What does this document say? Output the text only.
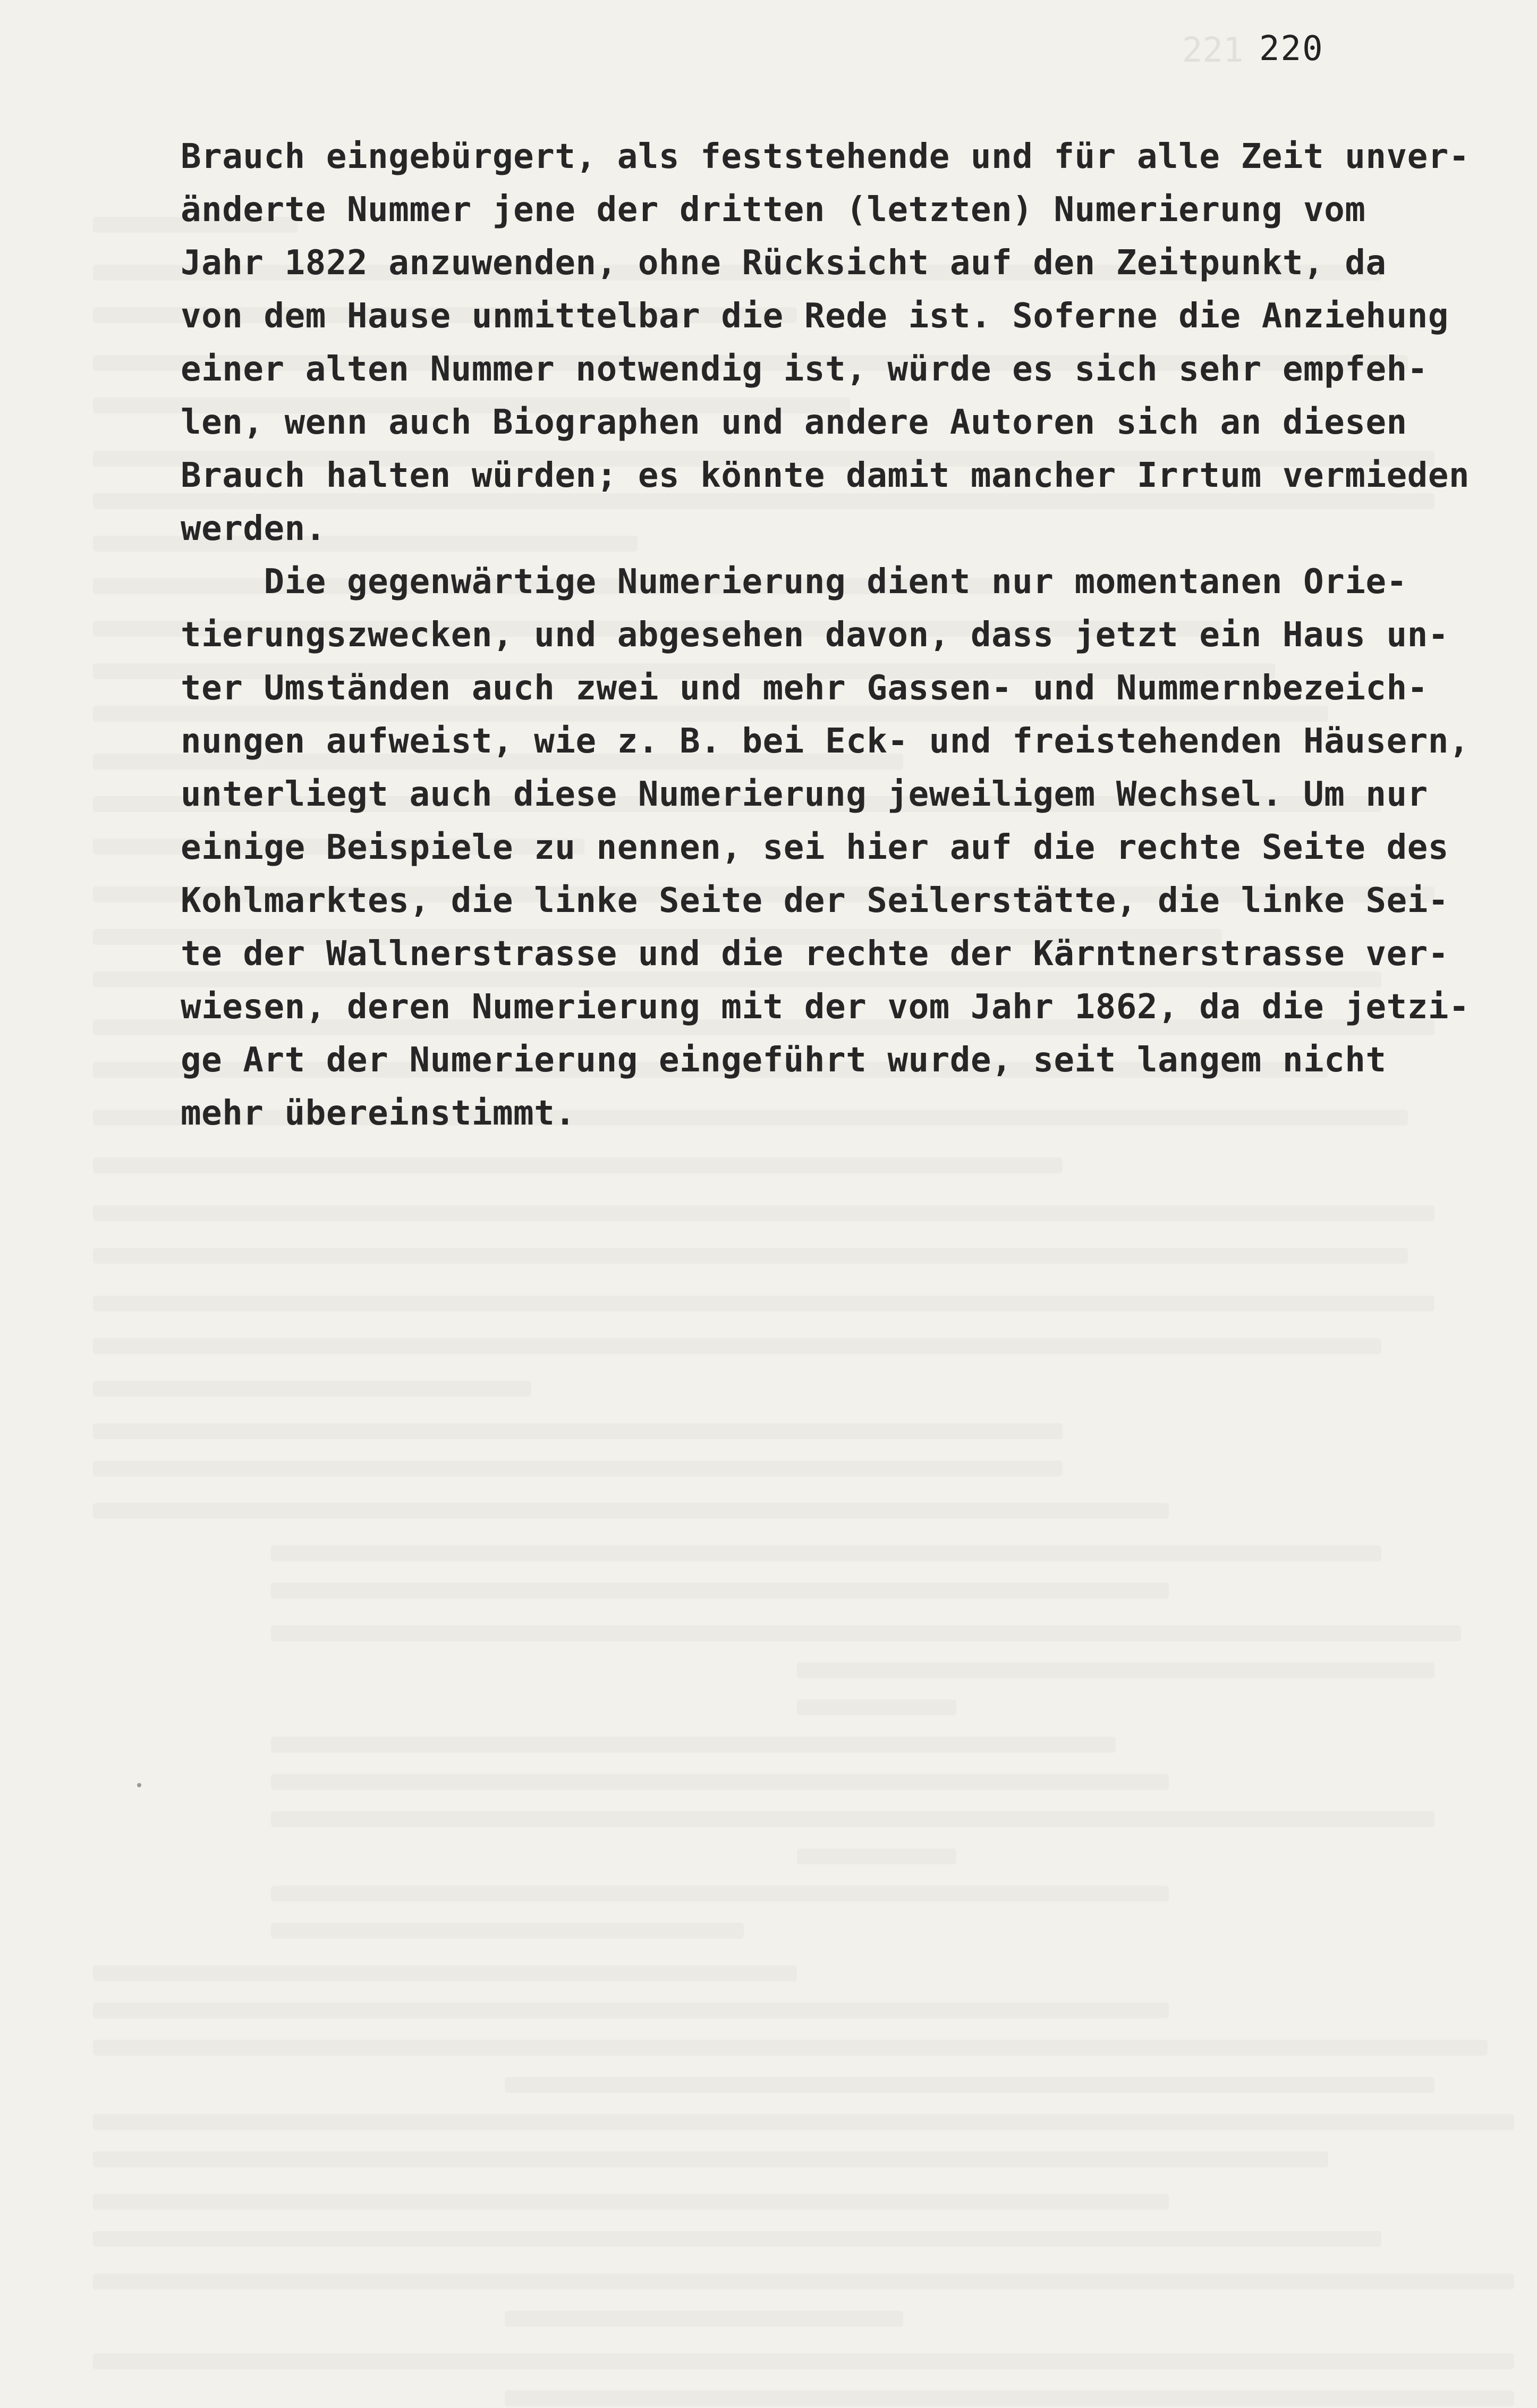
221 220
Brauch eingebürgert, als feststehende und für alle Zeit unver-
änderte Nummer jene der dritten (letzten) Numerierung vom
Jahr 1822 anzuwenden, ohne Rücksicht auf den Zeitpunkt, da
von dem Hause unmittelbar die Rede ist. Soferne die Anziehung
einer alten Nummer notwendig ist, würde es sich sehr empfeh-
len, wenn auch Biographen und andere Autoren sich an diesen
Brauch halten würden; es könnte damit mancher Irrtum vermieden
werden.
Die gegenwärtige Numerierung dient nur momentanen Orie-
tierungszwecken, und abgesehen davon, dass jetzt ein Haus un-
ter Umständen auch zwei und mehr Gassen- und Nummernbezeich-
nungen aufweist, wie z. B. bei Eck- und freistehenden Häusern,
unterliegt auch diese Numerierung jeweiligem Wechsel. Um nur
einige Beispiele zu nennen, sei hier auf die rechte Seite des
Kohlmarktes, die linke Seite der Seilerstätte, die linke Sei-
te der Wallnerstrasse und die rechte der Kärntnerstrasse ver-
wiesen, deren Numerierung mit der vom Jahr 1862, da die jetzi-
ge Art der Numerierung eingeführt wurde, seit langem nicht
mehr übereinstimmt.
